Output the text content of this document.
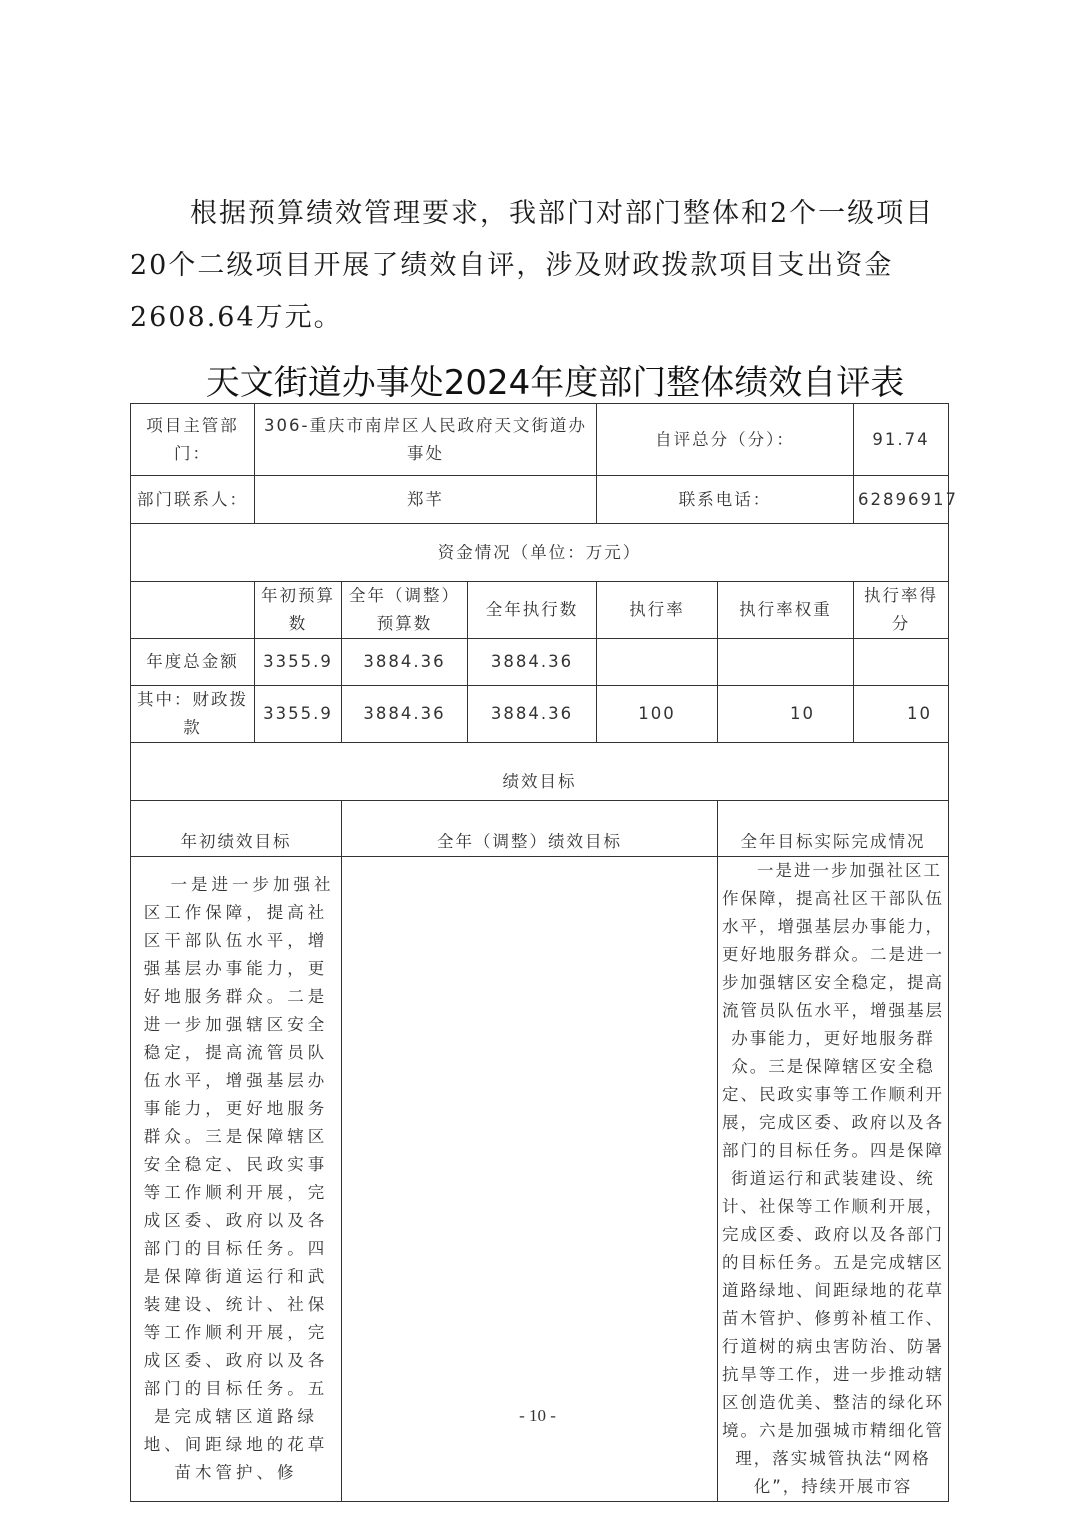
根据预算绩效管理要求，我部门对部门整体和2个一级项目20个二级项目开展了绩效自评，涉及财政拨款项目支出资金2608.64万元。

天文街道办事处2024年度部门整体绩效自评表
项目主管部门：	306-重庆市南岸区人民政府天文街道办事处			自评总分（分）：		91.74
部门联系人：	郑芊			联系电话：		62896917
资金情况（单位：万元）						
	年初预算数	全年（调整）预算数	全年执行数	执行率	执行率权重	执行率得分
年度总金额	3355.9	3884.36	3884.36			
其中：财政拨款	3355.9	3884.36	3884.36	100	10	10
绩效目标						
年初绩效目标		全年（调整）绩效目标			全年目标实际完成情况	

一是进一步加强社区工作保障，提高社区干部队伍水平，增强基层办事能力，更好地服务群众。二是进一步加强辖区安全稳定，提高流管员队伍水平，增强基层办事能力，更好地服务群众。三是保障辖区安全稳定、民政实事等工作顺利开展，完成区委、政府以及各部门的目标任务。四是保障街道运行和武装建设、统计、社保等工作顺利开展，完成区委、政府以及各部门的目标任务。五是完成辖区道路绿地、间距绿地的花草苗木管护、修					一是进一步加强社区工作保障，提高社区干部队伍水平，增强基层办事能力，更好地服务群众。二是进一步加强辖区安全稳定，提高流管员队伍水平，增强基层办事能力，更好地服务群众。三是保障辖区安全稳定、民政实事等工作顺利开展，完成区委、政府以及各部门的目标任务。四是保障街道运行和武装建设、统计、社保等工作顺利开展，完成区委、政府以及各部门的目标任务。五是完成辖区道路绿地、间距绿地的花草苗木管护、修剪补植工作、行道树的病虫害防治、防暑抗旱等工作，进一步推动辖区创造优美、整洁的绿化环境。六是加强城市精细化管理，落实城管执法“网格化”，持续开展市容	
- 10 -
